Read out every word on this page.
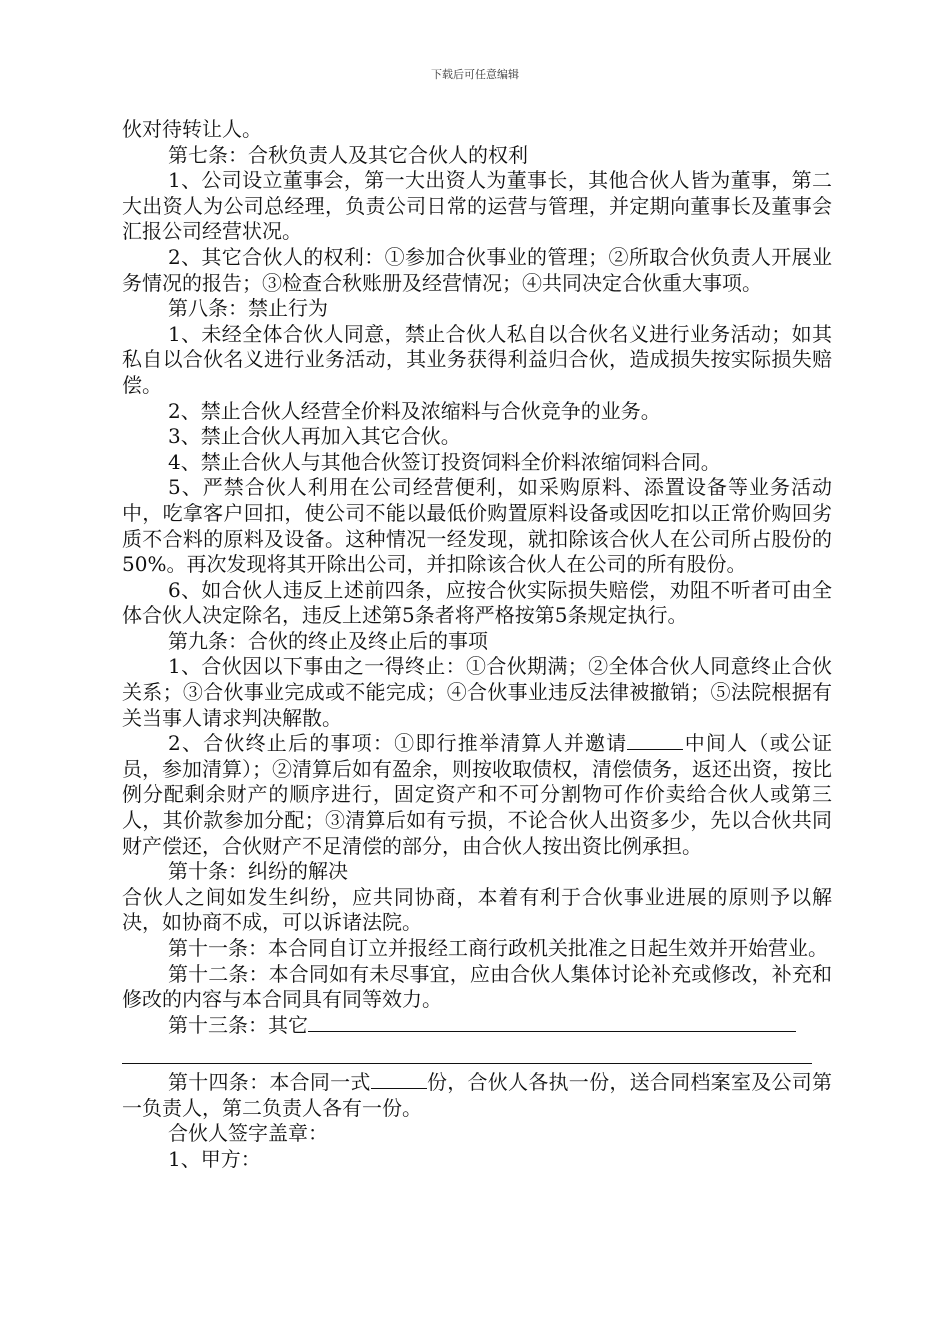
下载后可任意编辑

伙对待转让人。

第七条：合秋负责人及其它合伙人的权利

1、公司设立董事会，第一大出资人为董事长，其他合伙人皆为董事，第二大出资人为公司总经理，负责公司日常的运营与管理，并定期向董事长及董事会汇报公司经营状况。

2、其它合伙人的权利：①参加合伙事业的管理；②所取合伙负责人开展业务情况的报告；③检查合秋账册及经营情况；④共同决定合伙重大事项。

第八条：禁止行为

1、未经全体合伙人同意，禁止合伙人私自以合伙名义进行业务活动；如其私自以合伙名义进行业务活动，其业务获得利益归合伙，造成损失按实际损失赔偿。

2、禁止合伙人经营全价料及浓缩料与合伙竞争的业务。

3、禁止合伙人再加入其它合伙。

4、禁止合伙人与其他合伙签订投资饲料全价料浓缩饲料合同。

5、严禁合伙人利用在公司经营便利，如采购原料、添置设备等业务活动中，吃拿客户回扣，使公司不能以最低价购置原料设备或因吃扣以正常价购回劣质不合料的原料及设备。这种情况一经发现，就扣除该合伙人在公司所占股份的50%。再次发现将其开除出公司，并扣除该合伙人在公司的所有股份。

6、如合伙人违反上述前四条，应按合伙实际损失赔偿，劝阻不听者可由全体合伙人决定除名，违反上述第5条者将严格按第5条规定执行。

第九条：合伙的终止及终止后的事项

1、合伙因以下事由之一得终止：①合伙期满；②全体合伙人同意终止合伙关系；③合伙事业完成或不能完成；④合伙事业违反法律被撤销；⑤法院根据有关当事人请求判决解散。

2、合伙终止后的事项：①即行推举清算人并邀请	中间人（或公证员，参加清算）；②清算后如有盈余，则按收取债权，清偿债务，返还出资，按比例分配剩余财产的顺序进行，固定资产和不可分割物可作价卖给合伙人或第三人，其价款参加分配；③清算后如有亏损，不论合伙人出资多少，先以合伙共同财产偿还，合伙财产不足清偿的部分，由合伙人按出资比例承担。

第十条：纠纷的解决

合伙人之间如发生纠纷，应共同协商，本着有利于合伙事业进展的原则予以解决，如协商不成，可以诉诸法院。

第十一条：本合同自订立并报经工商行政机关批准之日起生效并开始营业。

第十二条：本合同如有未尽事宜，应由合伙人集体讨论补充或修改，补充和修改的内容与本合同具有同等效力。

第十三条：其它

第十四条：本合同一式	份，合伙人各执一份，送合同档案室及公司第一负责人，第二负责人各有一份。

合伙人签字盖章：

1、甲方：
